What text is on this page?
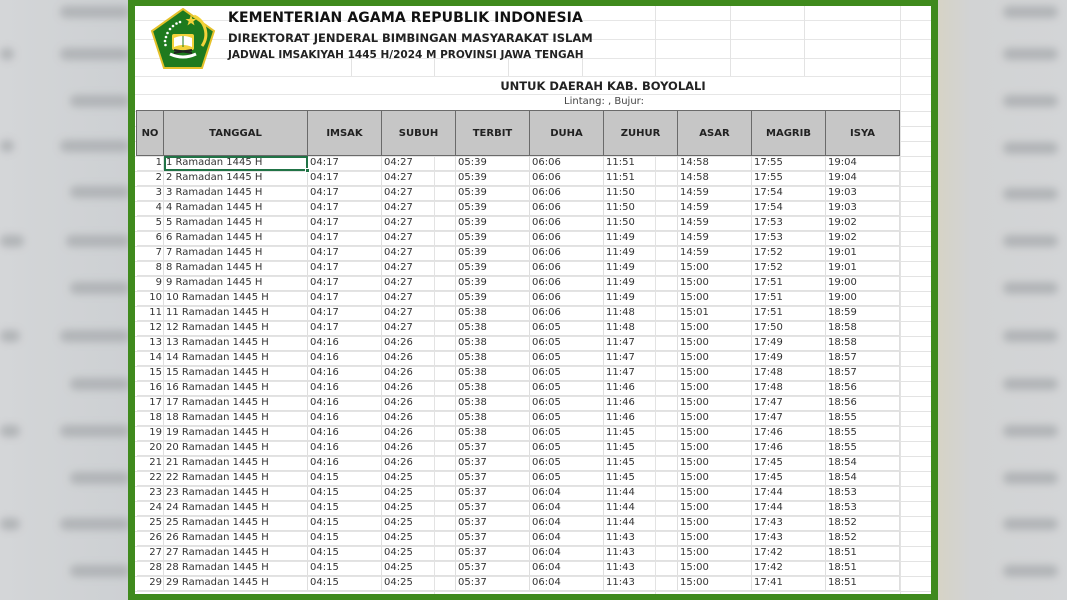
KEMENTERIAN AGAMA REPUBLIK INDONESIA
DIREKTORAT JENDERAL BIMBINGAN MASYARAKAT ISLAM
JADWAL IMSAKIYAH 1445 H/2024 M PROVINSI JAWA TENGAH
UNTUK DAERAH KAB. BOYOLALI
Lintang: , Bujur:
NO	TANGGAL	IMSAK	SUBUH	TERBIT	DUHA	ZUHUR	ASAR	MAGRIB	ISYA
1	1 Ramadan 1445 H	04:17	04:27	05:39	06:06	11:51	14:58	17:55	19:04
2	2 Ramadan 1445 H	04:17	04:27	05:39	06:06	11:51	14:58	17:55	19:04
3	3 Ramadan 1445 H	04:17	04:27	05:39	06:06	11:50	14:59	17:54	19:03
4	4 Ramadan 1445 H	04:17	04:27	05:39	06:06	11:50	14:59	17:54	19:03
5	5 Ramadan 1445 H	04:17	04:27	05:39	06:06	11:50	14:59	17:53	19:02
6	6 Ramadan 1445 H	04:17	04:27	05:39	06:06	11:49	14:59	17:53	19:02
7	7 Ramadan 1445 H	04:17	04:27	05:39	06:06	11:49	14:59	17:52	19:01
8	8 Ramadan 1445 H	04:17	04:27	05:39	06:06	11:49	15:00	17:52	19:01
9	9 Ramadan 1445 H	04:17	04:27	05:39	06:06	11:49	15:00	17:51	19:00
10	10 Ramadan 1445 H	04:17	04:27	05:39	06:06	11:49	15:00	17:51	19:00
11	11 Ramadan 1445 H	04:17	04:27	05:38	06:06	11:48	15:01	17:51	18:59
12	12 Ramadan 1445 H	04:17	04:27	05:38	06:05	11:48	15:00	17:50	18:58
13	13 Ramadan 1445 H	04:16	04:26	05:38	06:05	11:47	15:00	17:49	18:58
14	14 Ramadan 1445 H	04:16	04:26	05:38	06:05	11:47	15:00	17:49	18:57
15	15 Ramadan 1445 H	04:16	04:26	05:38	06:05	11:47	15:00	17:48	18:57
16	16 Ramadan 1445 H	04:16	04:26	05:38	06:05	11:46	15:00	17:48	18:56
17	17 Ramadan 1445 H	04:16	04:26	05:38	06:05	11:46	15:00	17:47	18:56
18	18 Ramadan 1445 H	04:16	04:26	05:38	06:05	11:46	15:00	17:47	18:55
19	19 Ramadan 1445 H	04:16	04:26	05:38	06:05	11:45	15:00	17:46	18:55
20	20 Ramadan 1445 H	04:16	04:26	05:37	06:05	11:45	15:00	17:46	18:55
21	21 Ramadan 1445 H	04:16	04:26	05:37	06:05	11:45	15:00	17:45	18:54
22	22 Ramadan 1445 H	04:15	04:25	05:37	06:05	11:45	15:00	17:45	18:54
23	23 Ramadan 1445 H	04:15	04:25	05:37	06:04	11:44	15:00	17:44	18:53
24	24 Ramadan 1445 H	04:15	04:25	05:37	06:04	11:44	15:00	17:44	18:53
25	25 Ramadan 1445 H	04:15	04:25	05:37	06:04	11:44	15:00	17:43	18:52
26	26 Ramadan 1445 H	04:15	04:25	05:37	06:04	11:43	15:00	17:43	18:52
27	27 Ramadan 1445 H	04:15	04:25	05:37	06:04	11:43	15:00	17:42	18:51
28	28 Ramadan 1445 H	04:15	04:25	05:37	06:04	11:43	15:00	17:42	18:51
29	29 Ramadan 1445 H	04:15	04:25	05:37	06:04	11:43	15:00	17:41	18:51
